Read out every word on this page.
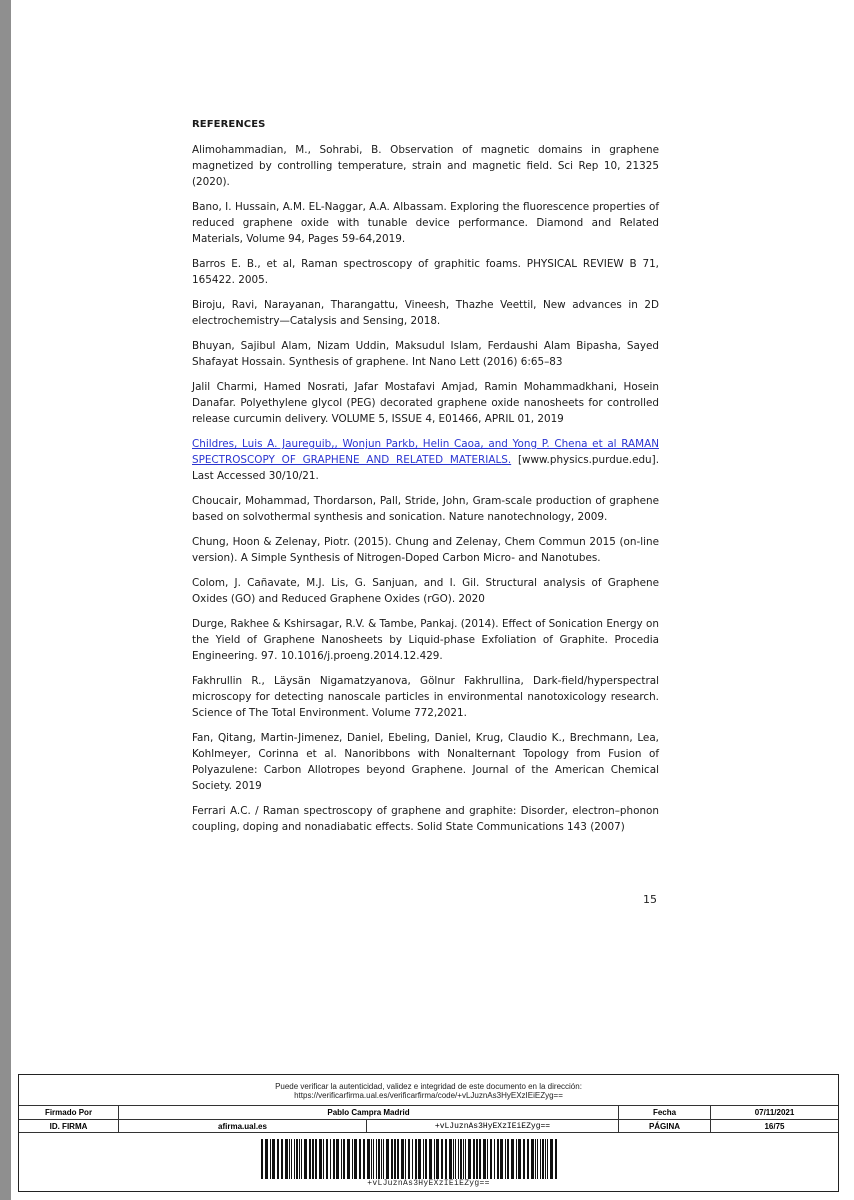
REFERENCES

Alimohammadian, M., Sohrabi, B. Observation of magnetic domains in graphene magnetized by controlling temperature, strain and magnetic field. Sci Rep 10, 21325 (2020).

Bano, I. Hussain, A.M. EL-Naggar, A.A. Albassam. Exploring the fluorescence properties of reduced graphene oxide with tunable device performance. Diamond and Related Materials, Volume 94, Pages 59-64,2019.

Barros E. B., et al, Raman spectroscopy of graphitic foams. PHYSICAL REVIEW B 71, 165422. 2005.

Biroju, Ravi, Narayanan, Tharangattu, Vineesh, Thazhe Veettil, New advances in 2D electrochemistry—Catalysis and Sensing, 2018.

Bhuyan, Sajibul Alam, Nizam Uddin, Maksudul Islam, Ferdaushi Alam Bipasha, Sayed Shafayat Hossain. Synthesis of graphene. Int Nano Lett (2016) 6:65–83

Jalil Charmi, Hamed Nosrati, Jafar Mostafavi Amjad, Ramin Mohammadkhani, Hosein Danafar. Polyethylene glycol (PEG) decorated graphene oxide nanosheets for controlled release curcumin delivery. VOLUME 5, ISSUE 4, E01466, APRIL 01, 2019

Childres, Luis A. Jaureguib,, Wonjun Parkb, Helin Caoa, and Yong P. Chena et al RAMAN SPECTROSCOPY OF GRAPHENE AND RELATED MATERIALS. [www.physics.purdue.edu]. Last Accessed 30/10/21.

Choucair, Mohammad, Thordarson, Pall, Stride, John, Gram-scale production of graphene based on solvothermal synthesis and sonication. Nature nanotechnology, 2009.

Chung, Hoon & Zelenay, Piotr. (2015). Chung and Zelenay, Chem Commun 2015 (on-line version). A Simple Synthesis of Nitrogen-Doped Carbon Micro- and Nanotubes.

Colom, J. Cañavate, M.J. Lis, G. Sanjuan, and I. Gil. Structural analysis of Graphene Oxides (GO) and Reduced Graphene Oxides (rGO). 2020

Durge, Rakhee & Kshirsagar, R.V. & Tambe, Pankaj. (2014). Effect of Sonication Energy on the Yield of Graphene Nanosheets by Liquid-phase Exfoliation of Graphite. Procedia Engineering. 97. 10.1016/j.proeng.2014.12.429.

Fakhrullin R., Läysän Nigamatzyanova, Gölnur Fakhrullina, Dark-field/hyperspectral microscopy for detecting nanoscale particles in environmental nanotoxicology research. Science of The Total Environment. Volume 772,2021.

Fan, Qitang, Martin-Jimenez, Daniel, Ebeling, Daniel, Krug, Claudio K., Brechmann, Lea, Kohlmeyer, Corinna et al. Nanoribbons with Nonalternant Topology from Fusion of Polyazulene: Carbon Allotropes beyond Graphene. Journal of the American Chemical Society. 2019

Ferrari A.C. / Raman spectroscopy of graphene and graphite: Disorder, electron–phonon coupling, doping and nonadiabatic effects. Solid State Communications 143 (2007)

15
Puede verificar la autenticidad, validez e integridad de este documento en la dirección:
https://verificarfirma.ual.es/verificarfirma/code/+vLJuznAs3HyEXzIEiEZyg==
Firmado Por	Pablo Campra Madrid	Fecha	07/11/2021
ID. FIRMA	afirma.ual.es	+vLJuznAs3HyEXzIEiEZyg==	PÁGINA	16/75
+vLJuznAs3HyEXzIEiEZyg==
